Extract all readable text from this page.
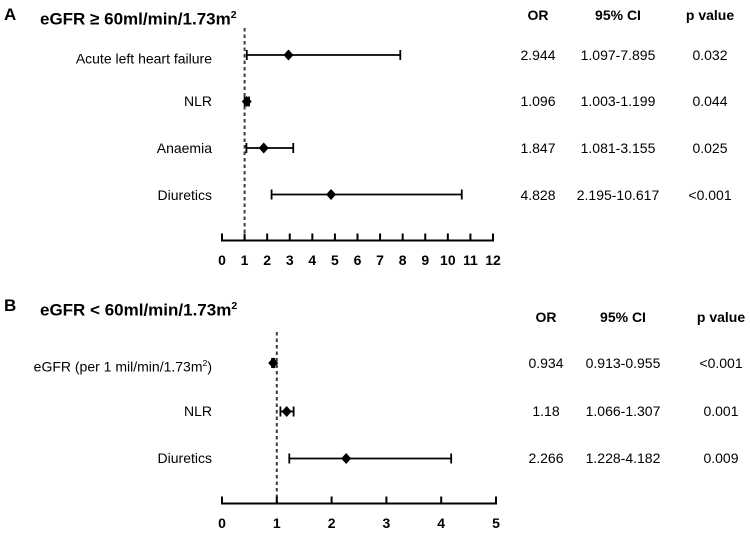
A eGFR ≥ $60ml/\min/1.73m^2$	OR	95% CI	p value
Acute left heart failure	2.944	1.097-7.895	0.032
NLR	1.096	1.003-1.199	0.044
Anaemia	1.847	1.081-3.155	0.025
Diuretics	4.828	2.195-10.617	<0.001
B eGFR < $60ml/\min/1.73m^2$
OR	95% CI	p value
eGFR (per 1 mil/$\min/1.73m^2$)	0.934	0.913-0.955	<0.001
NLR	1.18	1.066-1.307	0.001
Diuretics	2.266	1.228-4.182	0.009
0 1 2 3 4 5 6 7 8 9 10 11 12
0	1	2	3	4	5
